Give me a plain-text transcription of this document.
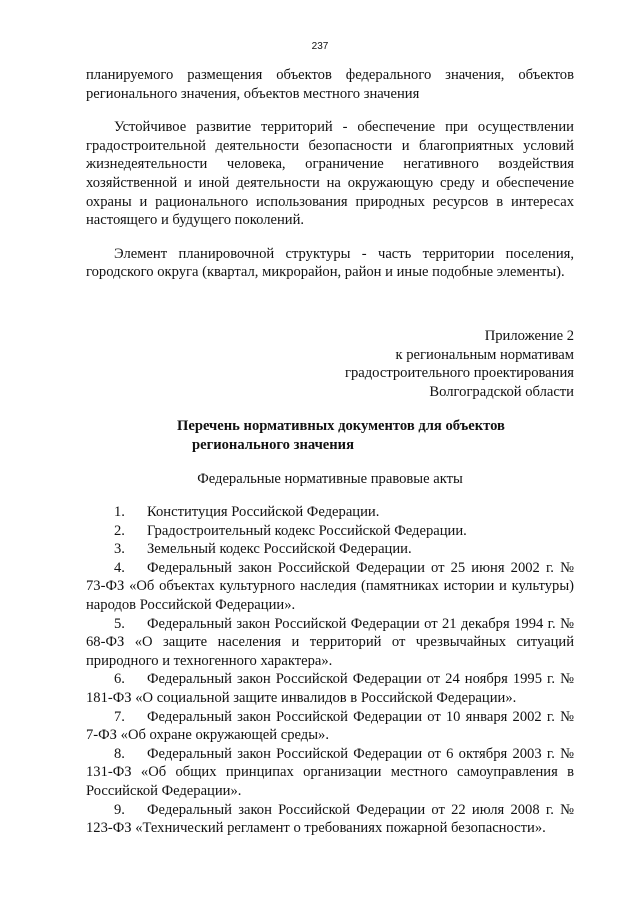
237

планируемого размещения объектов федерального значения, объектов регионального значения, объектов местного значения

Устойчивое развитие территорий - обеспечение при осуществлении градостроительной деятельности безопасности и благоприятных условий жизнедеятельности человека, ограничение негативного воздействия хозяйственной и иной деятельности на окружающую среду и обеспечение охраны и рационального использования природных ресурсов в интересах настоящего и будущего поколений.

Элемент планировочной структуры - часть территории поселения, городского округа (квартал, микрорайон, район и иные подобные элементы).

Приложение 2

к региональным нормативам

градостроительного проектирования

Волгоградской области

Перечень нормативных документов для объектов

регионального значения

Федеральные нормативные правовые акты

1. Конституция Российской Федерации.

2. Градостроительный кодекс Российской Федерации.

3. Земельный кодекс Российской Федерации.

4. Федеральный закон Российской Федерации от 25 июня 2002 г. № 73-ФЗ «Об объектах культурного наследия (памятниках истории и культуры) народов Российской Федерации».

5. Федеральный закон Российской Федерации от 21 декабря 1994 г. № 68-ФЗ «О защите населения и территорий от чрезвычайных ситуаций природного и техногенного характера».

6. Федеральный закон Российской Федерации от 24 ноября 1995 г. № 181-ФЗ «О социальной защите инвалидов в Российской Федерации».

7. Федеральный закон Российской Федерации от 10 января 2002 г. № 7-ФЗ «Об охране окружающей среды».

8. Федеральный закон Российской Федерации от 6 октября 2003 г. № 131-ФЗ «Об общих принципах организации местного самоуправления в Российской Федерации».

9. Федеральный закон Российской Федерации от 22 июля 2008 г. № 123-ФЗ «Технический регламент о требованиях пожарной безопасности».
